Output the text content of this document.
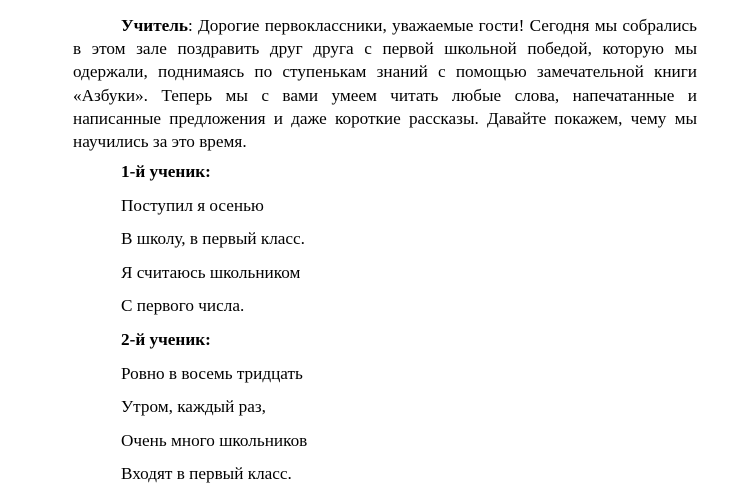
Учитель: Дорогие первоклассники, уважаемые гости! Сегодня мы собрались в этом зале поздравить друг друга с первой школьной победой, которую мы одержали, поднимаясь по ступенькам знаний с помощью замечательной книги «Азбуки». Теперь мы с вами умеем читать любые слова, напечатанные и написанные предложения и даже короткие рассказы. Давайте покажем, чему мы научились за это время.

1-й ученик:
Поступил я осенью
В школу, в первый класс.
Я считаюсь школьником
С первого числа.
2-й ученик:
Ровно в восемь тридцать
Утром, каждый раз,
Очень много школьников
Входят в первый класс.
